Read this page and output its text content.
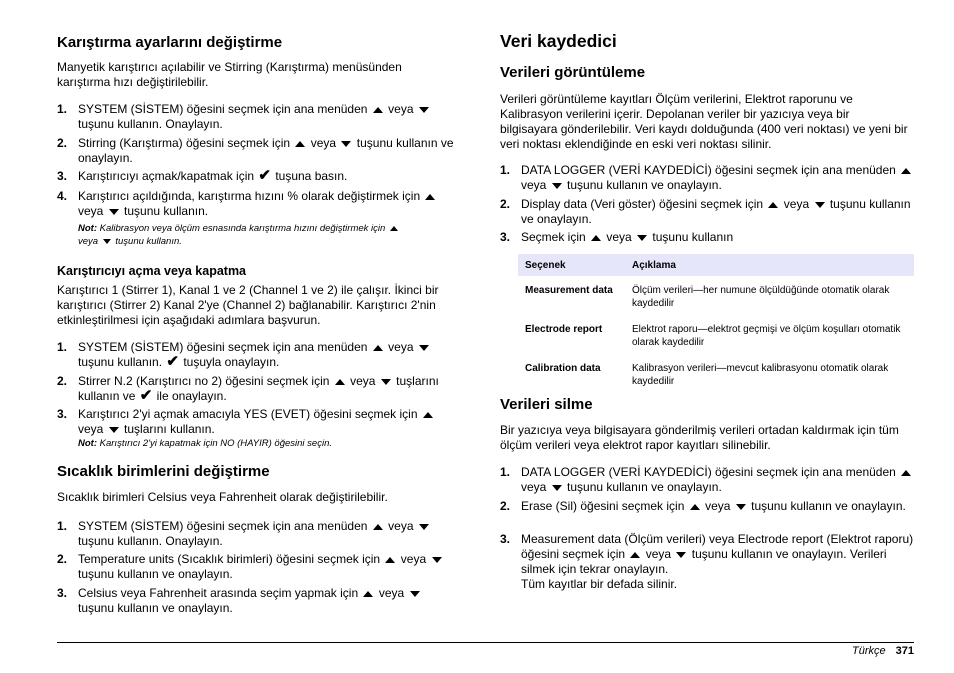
Karıştırma ayarlarını değiştirme
Manyetik karıştırıcı açılabilir ve Stirring (Karıştırma) menüsünden karıştırma hızı değiştirilebilir.
1. SYSTEM (SİSTEM) öğesini seçmek için ana menüden veya
tuşunu kullanın. Onaylayın.
2. Stirring (Karıştırma) öğesini seçmek için veya tuşunu kullanın ve onaylayın.
3. Karıştırıcıyı açmak/kapatmak için ✔ tuşuna basın.
4. Karıştırıcı açıldığında, karıştırma hızını % olarak değiştirmek için
veya tuşunu kullanın.
Not: Kalibrasyon veya ölçüm esnasında karıştırma hızını değiştirmek için
veya tuşunu kullanın.
Karıştırıcıyı açma veya kapatma
Karıştırıcı 1 (Stirrer 1), Kanal 1 ve 2 (Channel 1 ve 2) ile çalışır. İkinci bir karıştırıcı (Stirrer 2) Kanal 2'ye (Channel 2) bağlanabilir. Karıştırıcı 2'nin etkinleştirilmesi için aşağıdaki adımlara başvurun.
1. SYSTEM (SİSTEM) öğesini seçmek için ana menüden veya
tuşunu kullanın. ✔ tuşuyla onaylayın.
2. Stirrer N.2 (Karıştırıcı no 2) öğesini seçmek için veya tuşlarını kullanın ve ✔ ile onaylayın.
3. Karıştırıcı 2'yi açmak amacıyla YES (EVET) öğesini seçmek için
veya tuşlarını kullanın.
Not: Karıştırıcı 2'yi kapatmak için NO (HAYIR) öğesini seçin.
Sıcaklık birimlerini değiştirme
Sıcaklık birimleri Celsius veya Fahrenheit olarak değiştirilebilir.
1. SYSTEM (SİSTEM) öğesini seçmek için ana menüden veya
tuşunu kullanın. Onaylayın.
2. Temperature units (Sıcaklık birimleri) öğesini seçmek için veya
tuşunu kullanın ve onaylayın.
3. Celsius veya Fahrenheit arasında seçim yapmak için veya
tuşunu kullanın ve onaylayın.
Veri kaydedici
Verileri görüntüleme
Verileri görüntüleme kayıtları Ölçüm verilerini, Elektrot raporunu ve Kalibrasyon verilerini içerir. Depolanan veriler bir yazıcıya veya bir bilgisayara gönderilebilir. Veri kaydı dolduğunda (400 veri noktası) ve yeni bir veri noktası eklendiğinde en eski veri noktası silinir.
1. DATA LOGGER (VERİ KAYDEDİCİ) öğesini seçmek için ana menüden  veya tuşunu kullanın ve onaylayın.
2. Display data (Veri göster) öğesini seçmek için veya tuşunu kullanın ve onaylayın.
3. Seçmek için veya tuşunu kullanın
Seçenek	Açıklama
Measurement data	Ölçüm verileri—her numune ölçüldüğünde otomatik olarak kaydedilir
Electrode report	Elektrot raporu—elektrot geçmişi ve ölçüm koşulları otomatik olarak kaydedilir
Calibration data	Kalibrasyon verileri—mevcut kalibrasyonu otomatik olarak kaydedilir
Verileri silme
Bir yazıcıya veya bilgisayara gönderilmiş verileri ortadan kaldırmak için tüm ölçüm verileri veya elektrot rapor kayıtları silinebilir.
1. DATA LOGGER (VERİ KAYDEDİCİ) öğesini seçmek için ana menüden  veya tuşunu kullanın ve onaylayın.
2. Erase (Sil) öğesini seçmek için veya tuşunu kullanın ve onaylayın.
3. Measurement data (Ölçüm verileri) veya Electrode report (Elektrot raporu) öğesini seçmek için veya tuşunu kullanın ve onaylayın. Verileri silmek için tekrar onaylayın.
Tüm kayıtlar bir defada silinir.
Türkçe 371
